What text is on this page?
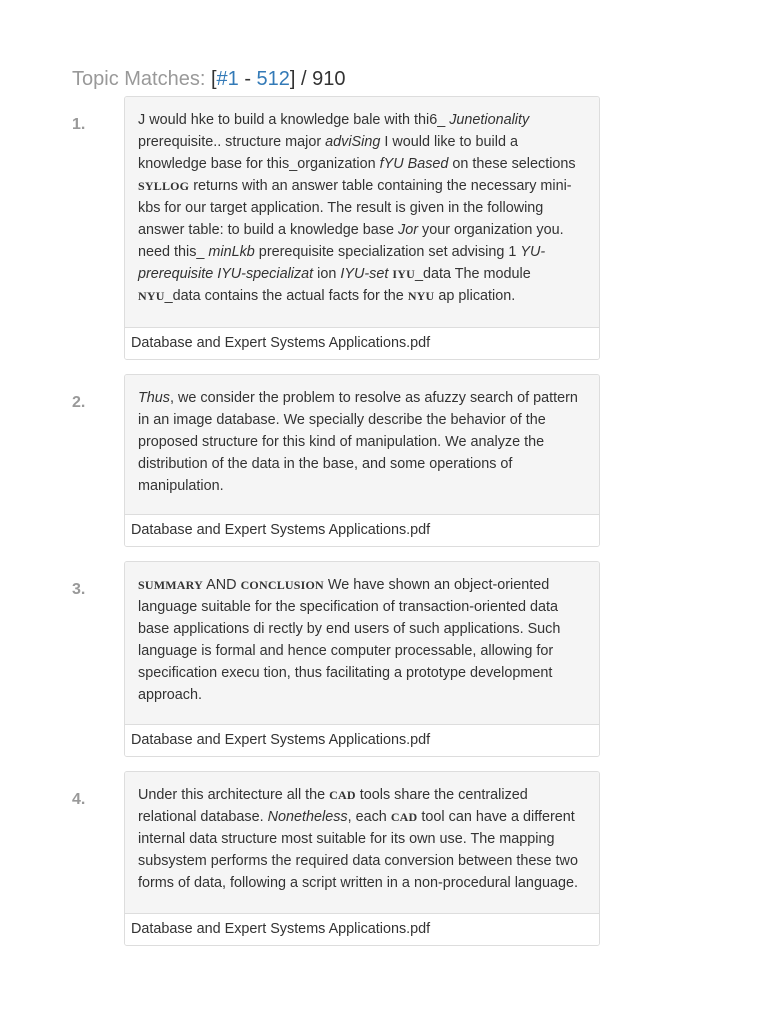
Topic Matches: [#1 - 512] / 910
1.	J would hke to build a knowledge bale with thi6_ Junetionality prerequisite.. structure major adviSing I would like to build a knowledge base for this_organization fYU Based on these selections SYLLOG returns with an answer table containing the necessary mini-kbs for our target application. The result is given in the following answer table: to build a knowledge base Jor your organization you. need this_ minLkb prerequisite specialization set advising 1 YU-prerequisite IYU-specializat ion IYU-set IYU_data The module NYU_data contains the actual facts for the NYU ap plication.
Database and Expert Systems Applications.pdf
2.	Thus, we consider the problem to resolve as afuzzy search of pattern in an image database. We specially describe the behavior of the proposed structure for this kind of manipulation. We analyze the distribution of the data in the base, and some operations of manipulation.
Database and Expert Systems Applications.pdf
3.	SUMMARY AND CONCLUSION We have shown an object-oriented language suitable for the specification of transaction-oriented data base applications di rectly by end users of such applications. Such language is formal and hence computer processable, allowing for specification execu tion, thus facilitating a prototype development approach.
Database and Expert Systems Applications.pdf
4.	Under this architecture all the CAD tools share the centralized relational database. Nonetheless, each CAD tool can have a different internal data structure most suitable for its own use. The mapping subsystem performs the required data conversion between these two forms of data, following a script written in a non-procedural language.
Database and Expert Systems Applications.pdf
